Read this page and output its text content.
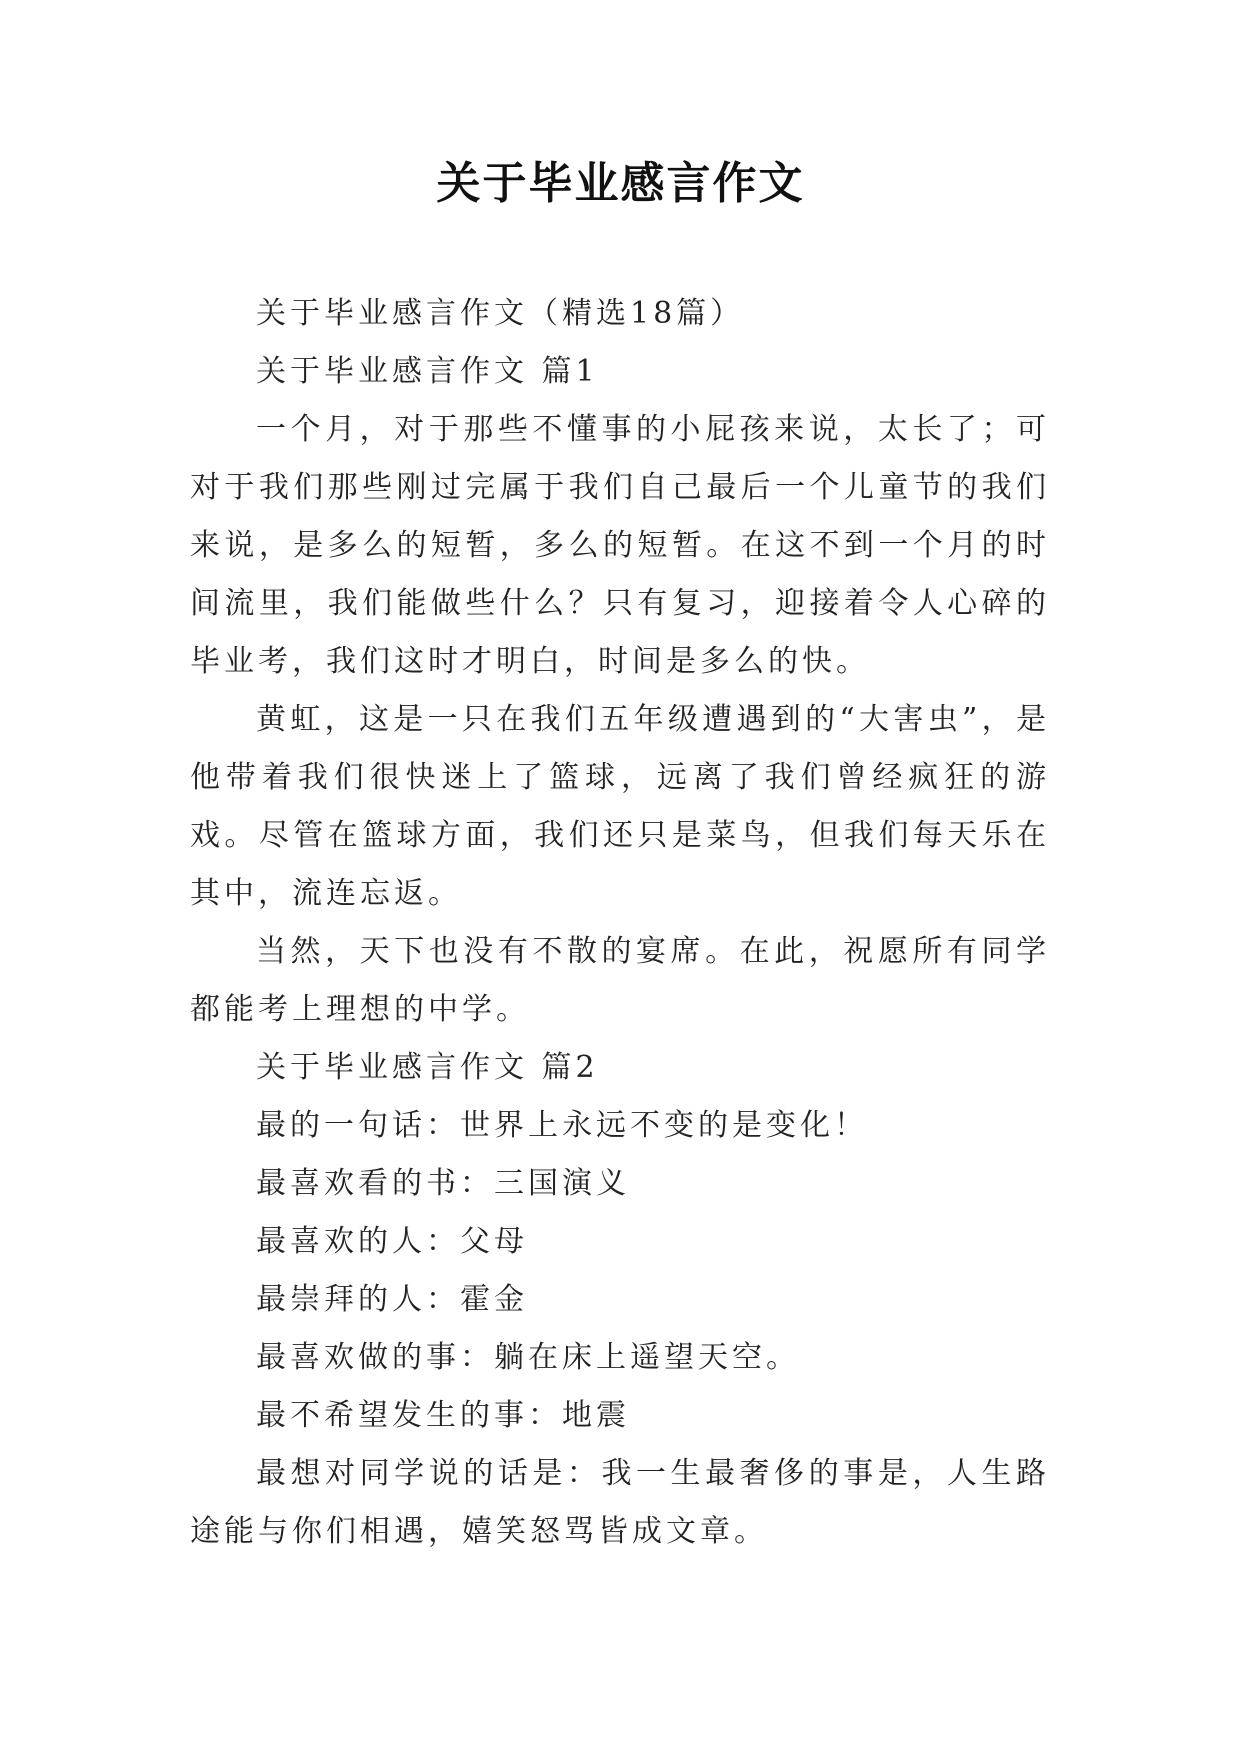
关于毕业感言作文

关于毕业感言作文（精选18篇）

关于毕业感言作文 篇1

一个月，对于那些不懂事的小屁孩来说，太长了；可对于我们那些刚过完属于我们自己最后一个儿童节的我们来说，是多么的短暂，多么的短暂。在这不到一个月的时间流里，我们能做些什么？只有复习，迎接着令人心碎的毕业考，我们这时才明白，时间是多么的快。

黄虹，这是一只在我们五年级遭遇到的“大害虫”，是他带着我们很快迷上了篮球，远离了我们曾经疯狂的游戏。尽管在篮球方面，我们还只是菜鸟，但我们每天乐在其中，流连忘返。

当然，天下也没有不散的宴席。在此，祝愿所有同学都能考上理想的中学。

关于毕业感言作文 篇2

最的一句话：世界上永远不变的是变化！

最喜欢看的书：三国演义

最喜欢的人：父母

最崇拜的人：霍金

最喜欢做的事：躺在床上遥望天空。

最不希望发生的事：地震

最想对同学说的话是：我一生最奢侈的事是，人生路途能与你们相遇，嬉笑怒骂皆成文章。
